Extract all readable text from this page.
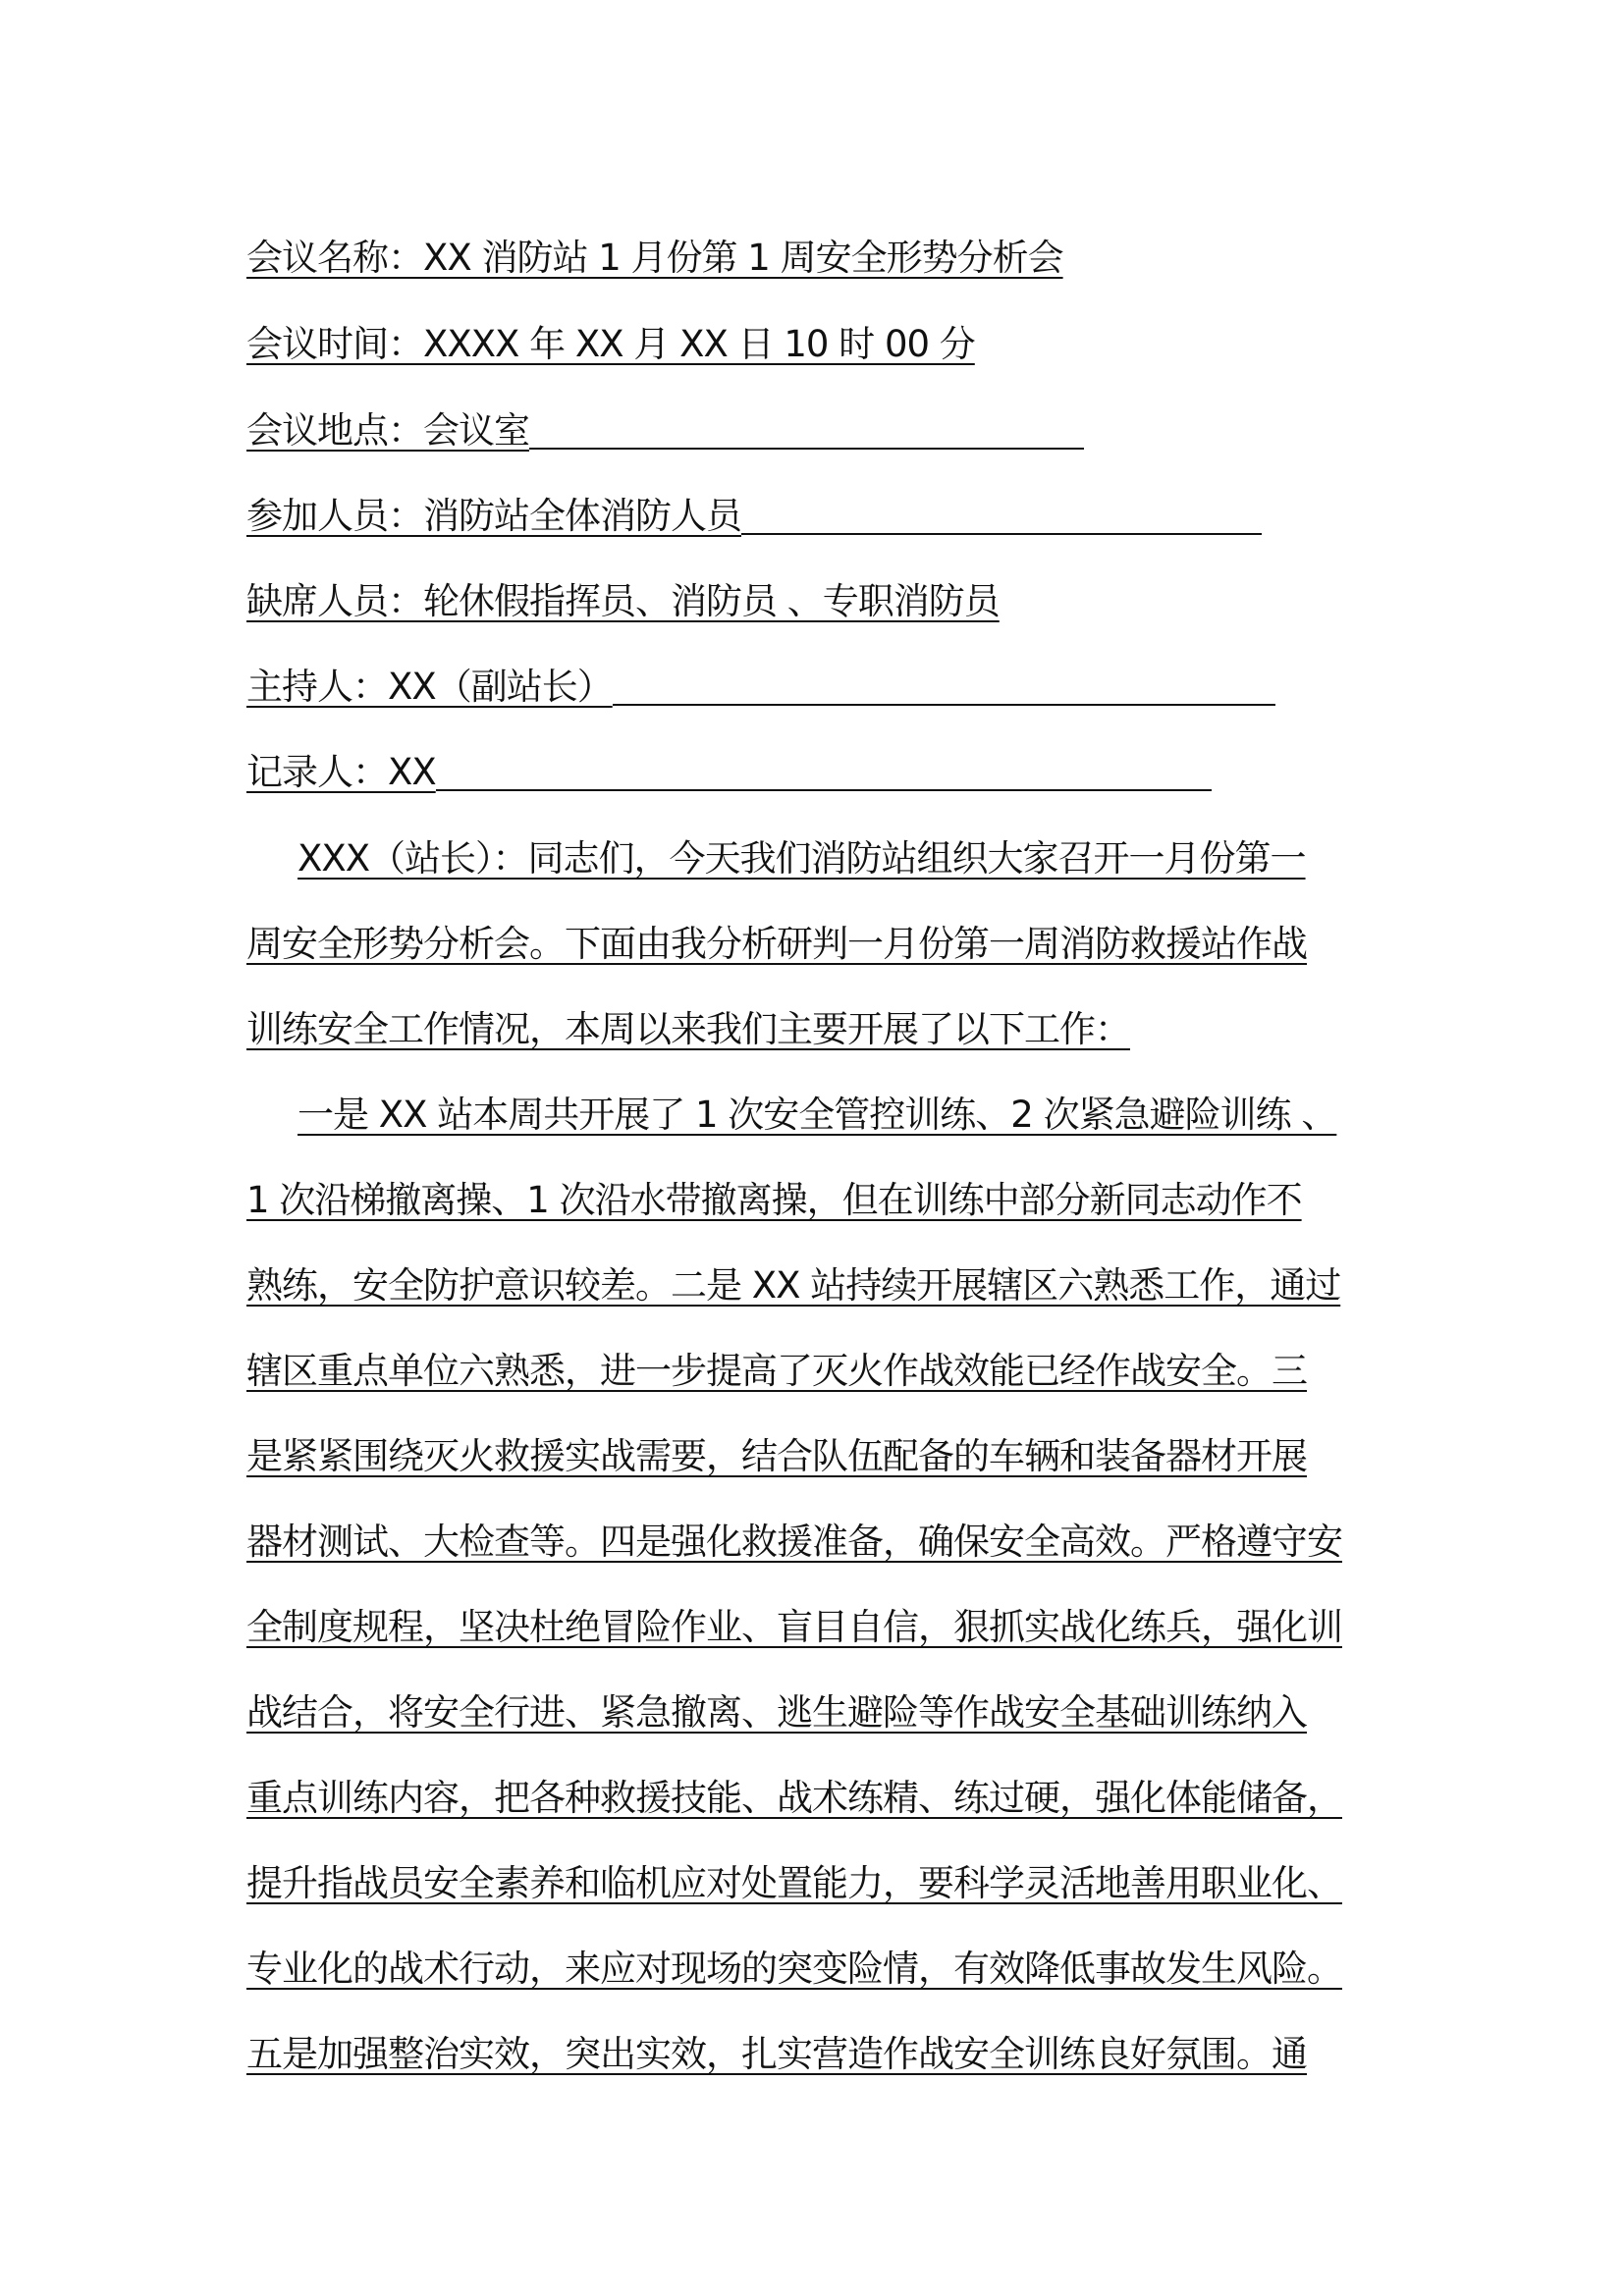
会议名称：XX 消防站 1 月份第 1 周安全形势分析会
会议时间：XXXX 年 XX 月 XX 日 10 时 00 分
会议地点：会议室
参加人员：消防站全体消防人员
缺席人员：轮休假指挥员、消防员 、专职消防员
主持人：XX（副站长）
记录人：XX
XXX（站长）：同志们，今天我们消防站组织大家召开一月份第一
周安全形势分析会。下面由我分析研判一月份第一周消防救援站作战
训练安全工作情况，本周以来我们主要开展了以下工作：
一是 XX 站本周共开展了 1 次安全管控训练、2 次紧急避险训练 、
1 次沿梯撤离操、1 次沿水带撤离操，但在训练中部分新同志动作不
熟练，安全防护意识较差。二是 XX 站持续开展辖区六熟悉工作，通过
辖区重点单位六熟悉，进一步提高了灭火作战效能已经作战安全。三
是紧紧围绕灭火救援实战需要，结合队伍配备的车辆和装备器材开展
器材测试、大检查等。四是强化救援准备，确保安全高效。严格遵守安
全制度规程，坚决杜绝冒险作业、盲目自信，狠抓实战化练兵，强化训
战结合，将安全行进、紧急撤离、逃生避险等作战安全基础训练纳入
重点训练内容，把各种救援技能、战术练精、练过硬，强化体能储备，
提升指战员安全素养和临机应对处置能力，要科学灵活地善用职业化、
专业化的战术行动，来应对现场的突变险情，有效降低事故发生风险。
五是加强整治实效，突出实效，扎实营造作战安全训练良好氛围。通
